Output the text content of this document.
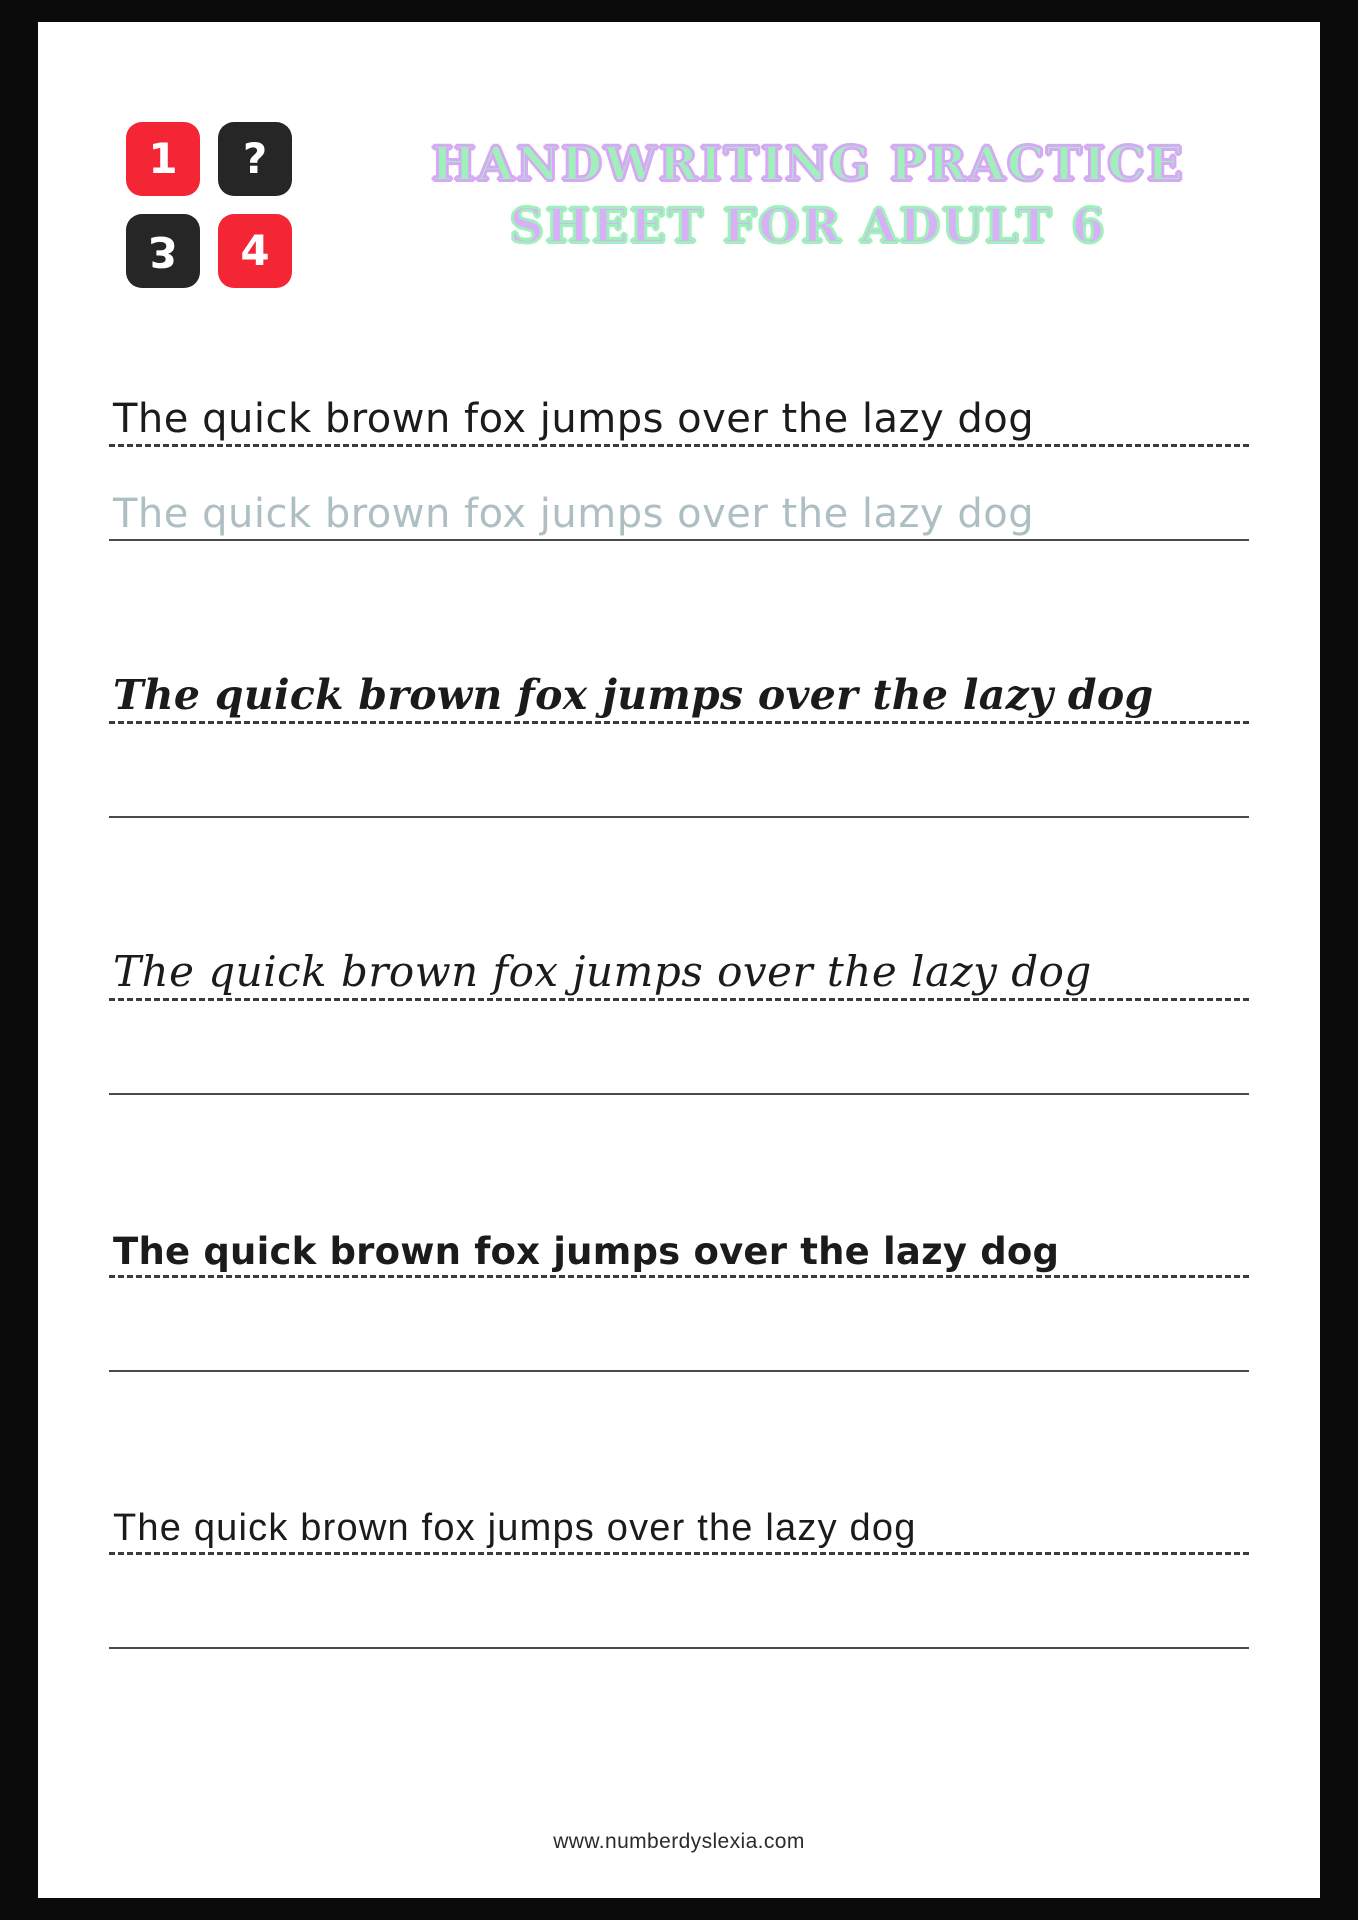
1	?
3	4
HANDWRITING PRACTICE
SHEET FOR ADULT 6
The quick brown fox jumps over the lazy dog
The quick brown fox jumps over the lazy dog
The quick brown fox jumps over the lazy dog
The quick brown fox jumps over the lazy dog
The quick brown fox jumps over the lazy dog
The quick brown fox jumps over the lazy dog
www.numberdyslexia.com
